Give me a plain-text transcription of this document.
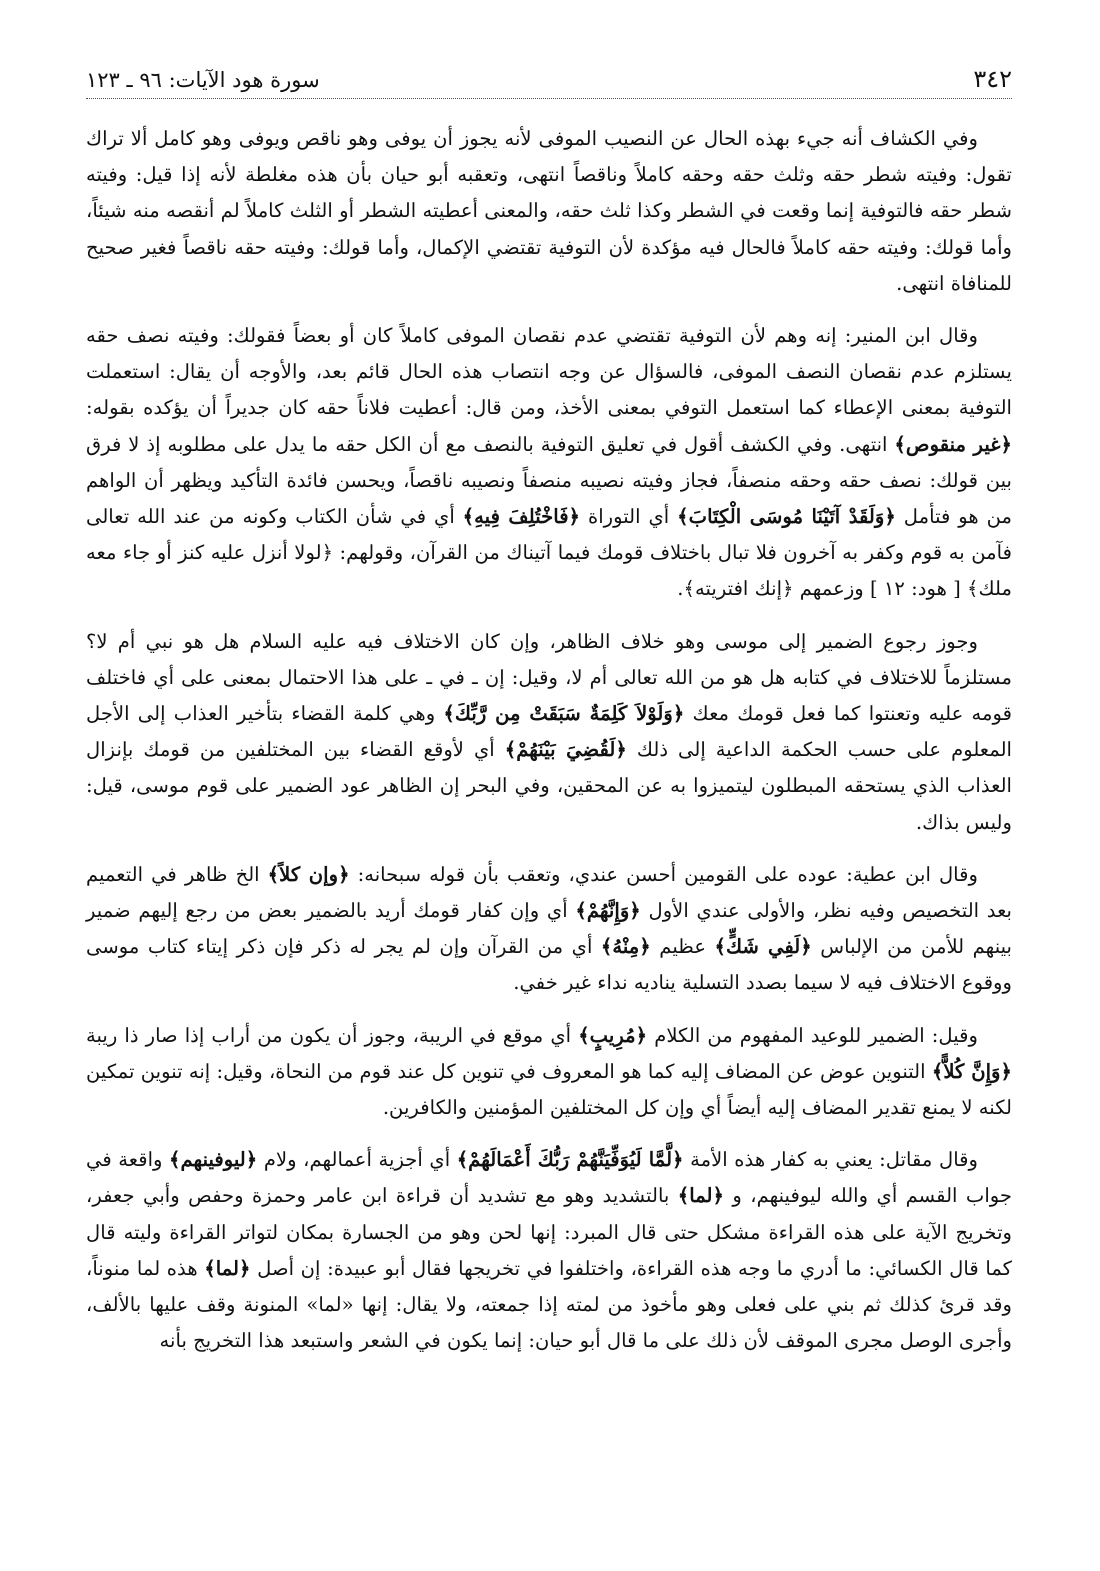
٣٤٢
سورة هود الآيات: ٩٦ ـ ١٢٣

وفي الكشاف أنه جيء بهذه الحال عن النصيب الموفى لأنه يجوز أن يوفى وهو ناقص ويوفى وهو كامل ألا تراك تقول: وفيته شطر حقه وثلث حقه وحقه كاملاً وناقصاً انتهى، وتعقبه أبو حيان بأن هذه مغلطة لأنه إذا قيل: وفيته شطر حقه فالتوفية إنما وقعت في الشطر وكذا ثلث حقه، والمعنى أعطيته الشطر أو الثلث كاملاً لم أنقصه منه شيئاً، وأما قولك: وفيته حقه كاملاً فالحال فيه مؤكدة لأن التوفية تقتضي الإكمال، وأما قولك: وفيته حقه ناقصاً فغير صحيح للمنافاة انتهى.

وقال ابن المنير: إنه وهم لأن التوفية تقتضي عدم نقصان الموفى كاملاً كان أو بعضاً فقولك: وفيته نصف حقه يستلزم عدم نقصان النصف الموفى، فالسؤال عن وجه انتصاب هذه الحال قائم بعد، والأوجه أن يقال: استعملت التوفية بمعنى الإعطاء كما استعمل التوفي بمعنى الأخذ، ومن قال: أعطيت فلاناً حقه كان جديراً أن يؤكده بقوله: ﴿غير منقوص﴾ انتهى. وفي الكشف أقول في تعليق التوفية بالنصف مع أن الكل حقه ما يدل على مطلوبه إذ لا فرق بين قولك: نصف حقه وحقه منصفاً، فجاز وفيته نصيبه منصفاً ونصيبه ناقصاً، ويحسن فائدة التأكيد ويظهر أن الواهم من هو فتأمل ﴿وَلَقَدْ آتَيْنَا مُوسَى الْكِتَابَ﴾ أي التوراة ﴿فَاخْتُلِفَ فِيهِ﴾ أي في شأن الكتاب وكونه من عند الله تعالى فآمن به قوم وكفر به آخرون فلا تبال باختلاف قومك فيما آتيناك من القرآن، وقولهم: ﴿لولا أنزل عليه كنز أو جاء معه ملك﴾ [ هود: ١٢ ] وزعمهم ﴿إنك افتريته﴾.

وجوز رجوع الضمير إلى موسى وهو خلاف الظاهر، وإن كان الاختلاف فيه عليه السلام هل هو نبي أم لا؟ مستلزماً للاختلاف في كتابه هل هو من الله تعالى أم لا، وقيل: إن ـ في ـ على هذا الاحتمال بمعنى على أي فاختلف قومه عليه وتعنتوا كما فعل قومك معك ﴿وَلَوْلاَ كَلِمَةٌ سَبَقَتْ مِن رَّبِّكَ﴾ وهي كلمة القضاء بتأخير العذاب إلى الأجل المعلوم على حسب الحكمة الداعية إلى ذلك ﴿لَقُضِيَ بَيْنَهُمْ﴾ أي لأوقع القضاء بين المختلفين من قومك بإنزال العذاب الذي يستحقه المبطلون ليتميزوا به عن المحقين، وفي البحر إن الظاهر عود الضمير على قوم موسى، قيل: وليس بذاك.

وقال ابن عطية: عوده على القومين أحسن عندي، وتعقب بأن قوله سبحانه: ﴿وإن كلاً﴾ الخ ظاهر في التعميم بعد التخصيص وفيه نظر، والأولى عندي الأول ﴿وَإِنَّهُمْ﴾ أي وإن كفار قومك أريد بالضمير بعض من رجع إليهم ضمير بينهم للأمن من الإلباس ﴿لَفِي شَكٍّ﴾ عظيم ﴿مِنْهُ﴾ أي من القرآن وإن لم يجر له ذكر فإن ذكر إيتاء كتاب موسى ووقوع الاختلاف فيه لا سيما بصدد التسلية يناديه نداء غير خفي.

وقيل: الضمير للوعيد المفهوم من الكلام ﴿مُرِيبٍ﴾ أي موقع في الريبة، وجوز أن يكون من أراب إذا صار ذا ريبة ﴿وَإِنَّ كُلاًّ﴾ التنوين عوض عن المضاف إليه كما هو المعروف في تنوين كل عند قوم من النحاة، وقيل: إنه تنوين تمكين لكنه لا يمنع تقدير المضاف إليه أيضاً أي وإن كل المختلفين المؤمنين والكافرين.

وقال مقاتل: يعني به كفار هذه الأمة ﴿لَّمَّا لَيُوَفِّيَنَّهُمْ رَبُّكَ أَعْمَالَهُمْ﴾ أي أجزية أعمالهم، ولام ﴿ليوفينهم﴾ واقعة في جواب القسم أي والله ليوفينهم، و ﴿لما﴾ بالتشديد وهو مع تشديد أن قراءة ابن عامر وحمزة وحفص وأبي جعفر، وتخريج الآية على هذه القراءة مشكل حتى قال المبرد: إنها لحن وهو من الجسارة بمكان لتواتر القراءة وليته قال كما قال الكسائي: ما أدري ما وجه هذه القراءة، واختلفوا في تخريجها فقال أبو عبيدة: إن أصل ﴿لما﴾ هذه لما منوناً، وقد قرئ كذلك ثم بني على فعلى وهو مأخوذ من لمته إذا جمعته، ولا يقال: إنها «لما» المنونة وقف عليها بالألف، وأجرى الوصل مجرى الموقف لأن ذلك على ما قال أبو حيان: إنما يكون في الشعر واستبعد هذا التخريج بأنه
